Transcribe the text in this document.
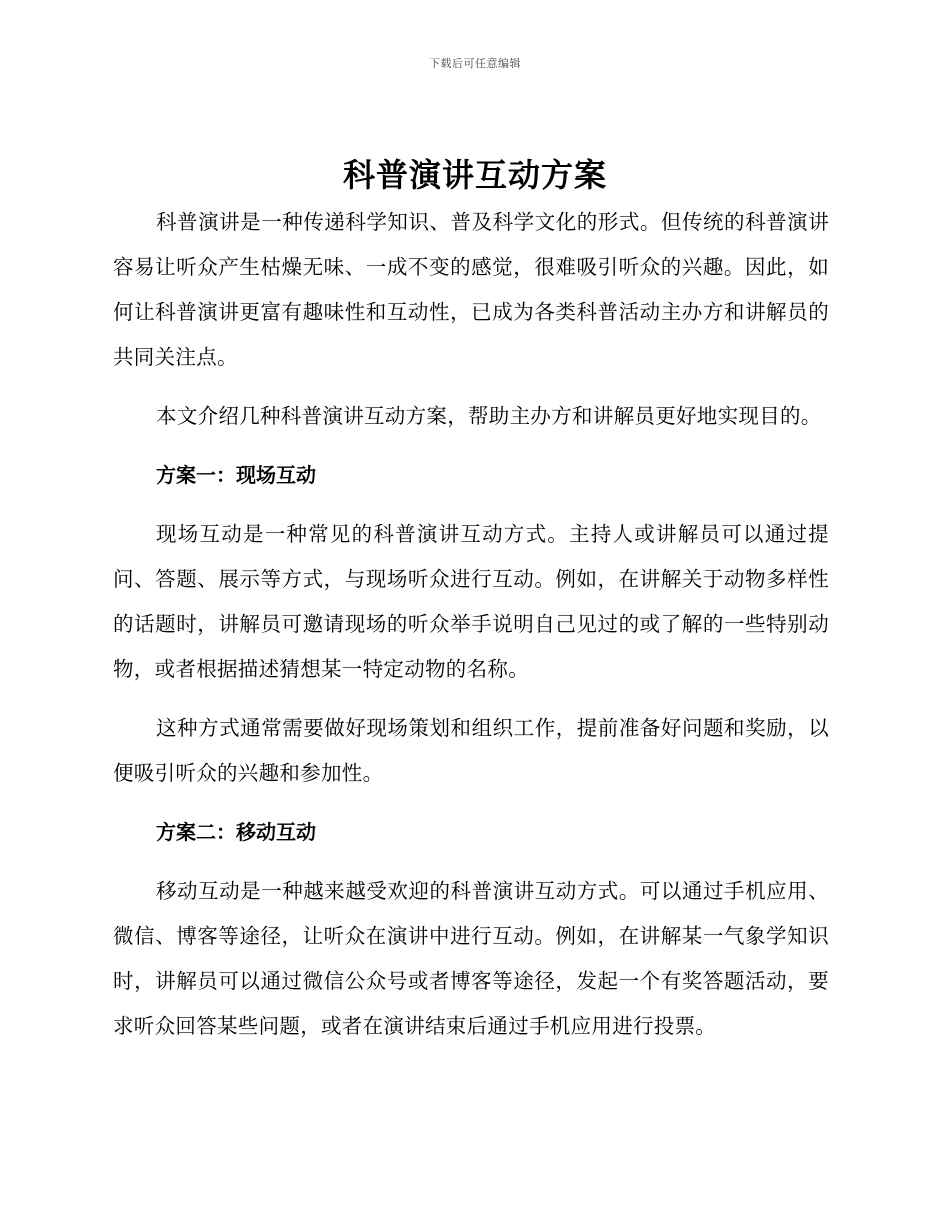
下载后可任意编辑
科普演讲互动方案

科普演讲是一种传递科学知识、普及科学文化的形式。但传统的科普演讲容易让听众产生枯燥无味、一成不变的感觉，很难吸引听众的兴趣。因此，如何让科普演讲更富有趣味性和互动性，已成为各类科普活动主办方和讲解员的共同关注点。

本文介绍几种科普演讲互动方案，帮助主办方和讲解员更好地实现目的。

方案一：现场互动

现场互动是一种常见的科普演讲互动方式。主持人或讲解员可以通过提问、答题、展示等方式，与现场听众进行互动。例如，在讲解关于动物多样性的话题时，讲解员可邀请现场的听众举手说明自己见过的或了解的一些特别动物，或者根据描述猜想某一特定动物的名称。

这种方式通常需要做好现场策划和组织工作，提前准备好问题和奖励，以便吸引听众的兴趣和参加性。

方案二：移动互动

移动互动是一种越来越受欢迎的科普演讲互动方式。可以通过手机应用、微信、博客等途径，让听众在演讲中进行互动。例如，在讲解某一气象学知识时，讲解员可以通过微信公众号或者博客等途径，发起一个有奖答题活动，要求听众回答某些问题，或者在演讲结束后通过手机应用进行投票。
